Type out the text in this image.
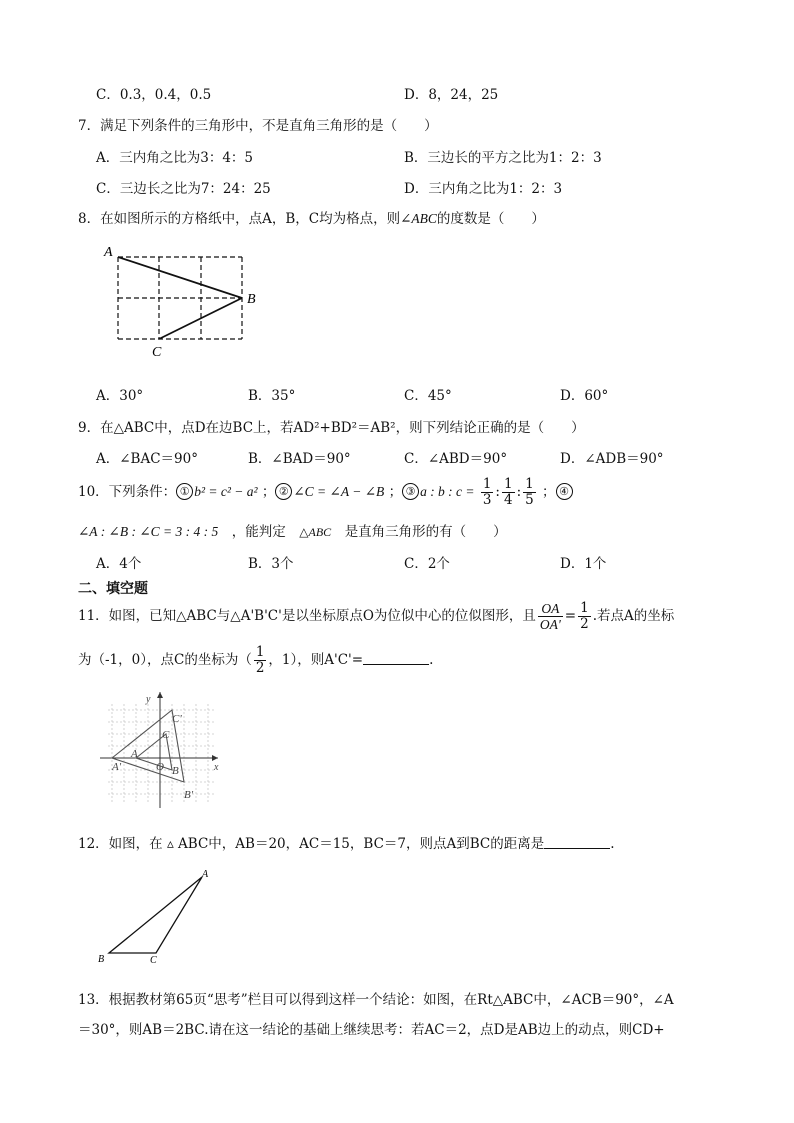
C．0.3，0.4，0.5	D．8，24，25
7．满足下列条件的三角形中，不是直角三角形的是（　　）
A．三内角之比为3：4：5	B．三边长的平方之比为1：2：3
C．三边长之比为7：24：25	D．三内角之比为1：2：3
8．在如图所示的方格纸中，点A，B，C均为格点，则∠ABC的度数是（　　）
A
B
C
A．30°	B．35°	C．45°	D．60°
9．在△ABC中，点D在边BC上，若AD²+BD²＝AB²，则下列结论正确的是（　　）
A．∠BAC＝90°	B．∠BAD＝90°	C．∠ABD＝90°	D．∠ADB＝90°
10．下列条件： ① b² = c² − a² ； ② ∠C = ∠A − ∠B ； ③ a : b : $c = \frac{1}{3}$ : $\frac{1}{4}$ : $\frac{1}{5}$ ； ④
∠A : ∠B : ∠C = 3 : 4 : 5　 ，能判定　 △ABC　 是直角三角形的有（　　）
A．4个	B．3个	C．2个	D．1个
二、填空题
11．如图，已知△ABC与△A'B'C'是以坐标原点O为位似中心的位似图形，且 $\frac{OA}{OA'} = \frac{1}{2}$ .若点A的坐标
为（-1，0），点C的坐标为（ $\frac{1}{2}$ ，1），则A'C'=	.
y
x
C'
C
A
A'	O B
B'
12．如图，在 ▵ ABC中，AB＝20，AC＝15，BC＝7，则点A到BC的距离是	.
A
B	C
13．根据教材第65页“思考”栏目可以得到这样一个结论：如图，在Rt△ABC中，∠ACB＝90°，∠A
＝30°，则AB＝2BC.请在这一结论的基础上继续思考：若AC＝2，点D是AB边上的动点，则CD+
